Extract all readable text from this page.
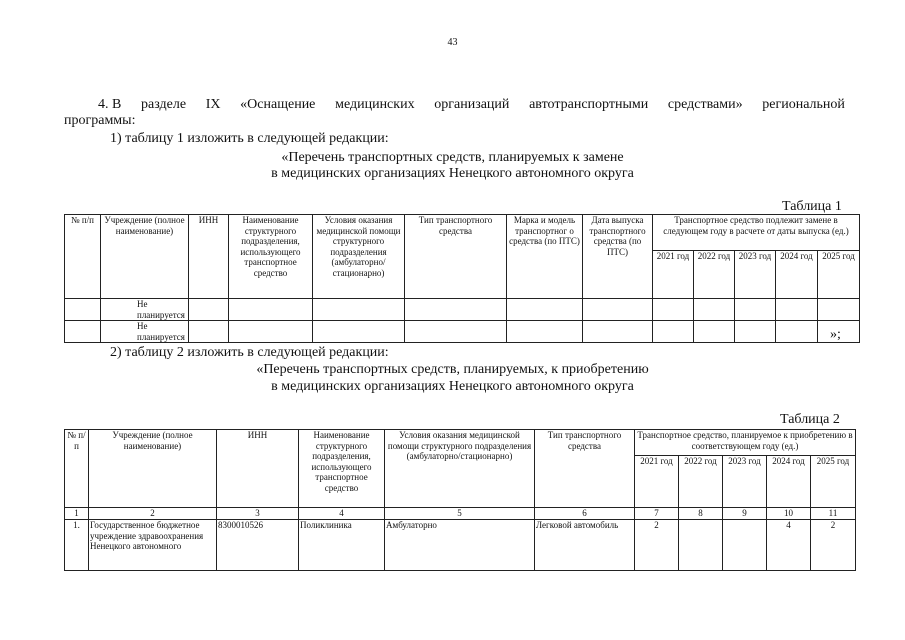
43
4. В разделе IX «Оснащение медицинских организаций автотранспортными средствами» региональной
программы:
1) таблицу 1 изложить в следующей редакции:
«Перечень транспортных средств, планируемых к замене
в медицинских организациях Ненецкого автономного округа
Таблица 1
№ п/п	Учреждение (полное наименование)	ИНН	Наименование структурного подразделения, использующего транспортное средство	Условия оказания медицинской помощи структурного подразделения (амбулаторно/ стационарно)	Тип транспортного средства	Марка и модель транспортног о средства (по ПТС)	Дата выпуска транспортного средства (по ПТС)	Транспортное средство подлежит замене в следующем году в расчете от даты выпуска (ед.)				
								2021 год	2022 год	2023 год	2024 год	2025 год
	Не планируется											
	Не планируется												»;
2) таблицу 2 изложить в следующей редакции:
«Перечень транспортных средств, планируемых, к приобретению
в медицинских организациях Ненецкого автономного округа
Таблица 2
№ п/п	Учреждение (полное наименование)	ИНН	Наименование структурного подразделения, использующего транспортное средство	Условия оказания медицинской помощи структурного подразделения (амбулаторно/стационарно)	Тип транспортного средства	Транспортное средство, планируемое к приобретению в соответствующем году (ед.)				
						2021 год	2022 год	2023 год	2024 год	2025 год
1	2	3	4	5	6	7	8	9	10	11
1.	Государственное бюджетное учреждение здравоохранения Ненецкого автономного	8300010526	Поликлиника	Амбулаторно	Легковой автомобиль	2			4	2
